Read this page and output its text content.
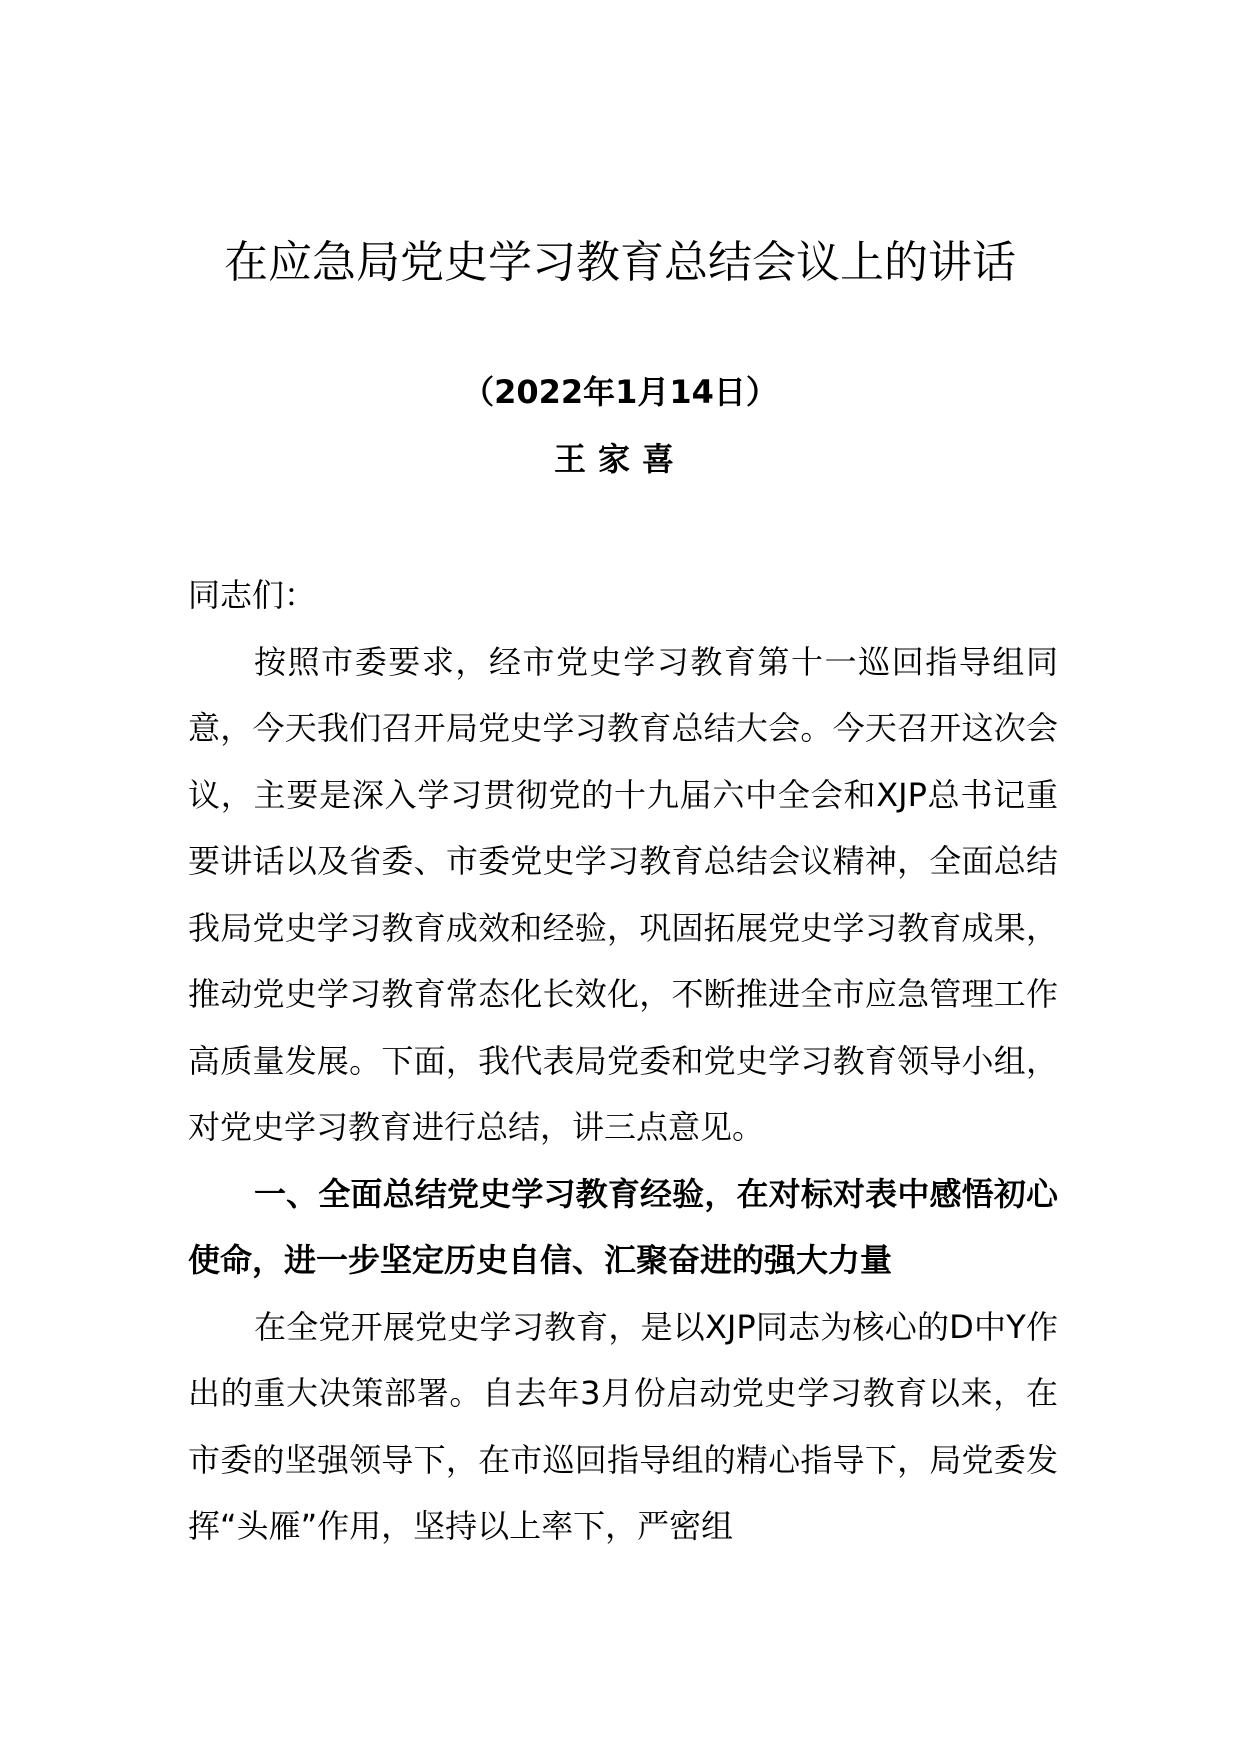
在应急局党史学习教育总结会议上的讲话
（2022年1月14日）
王家喜

同志们：

按照市委要求，经市党史学习教育第十一巡回指导组同意，今天我们召开局党史学习教育总结大会。今天召开这次会议，主要是深入学习贯彻党的十九届六中全会和XJP总书记重要讲话以及省委、市委党史学习教育总结会议精神，全面总结我局党史学习教育成效和经验，巩固拓展党史学习教育成果，推动党史学习教育常态化长效化，不断推进全市应急管理工作高质量发展。下面，我代表局党委和党史学习教育领导小组，对党史学习教育进行总结，讲三点意见。

一、全面总结党史学习教育经验，在对标对表中感悟初心使命，进一步坚定历史自信、汇聚奋进的强大力量

在全党开展党史学习教育，是以XJP同志为核心的D中Y作出的重大决策部署。自去年3月份启动党史学习教育以来，在市委的坚强领导下，在市巡回指导组的精心指导下，局党委发挥“头雁”作用，坚持以上率下，严密组
